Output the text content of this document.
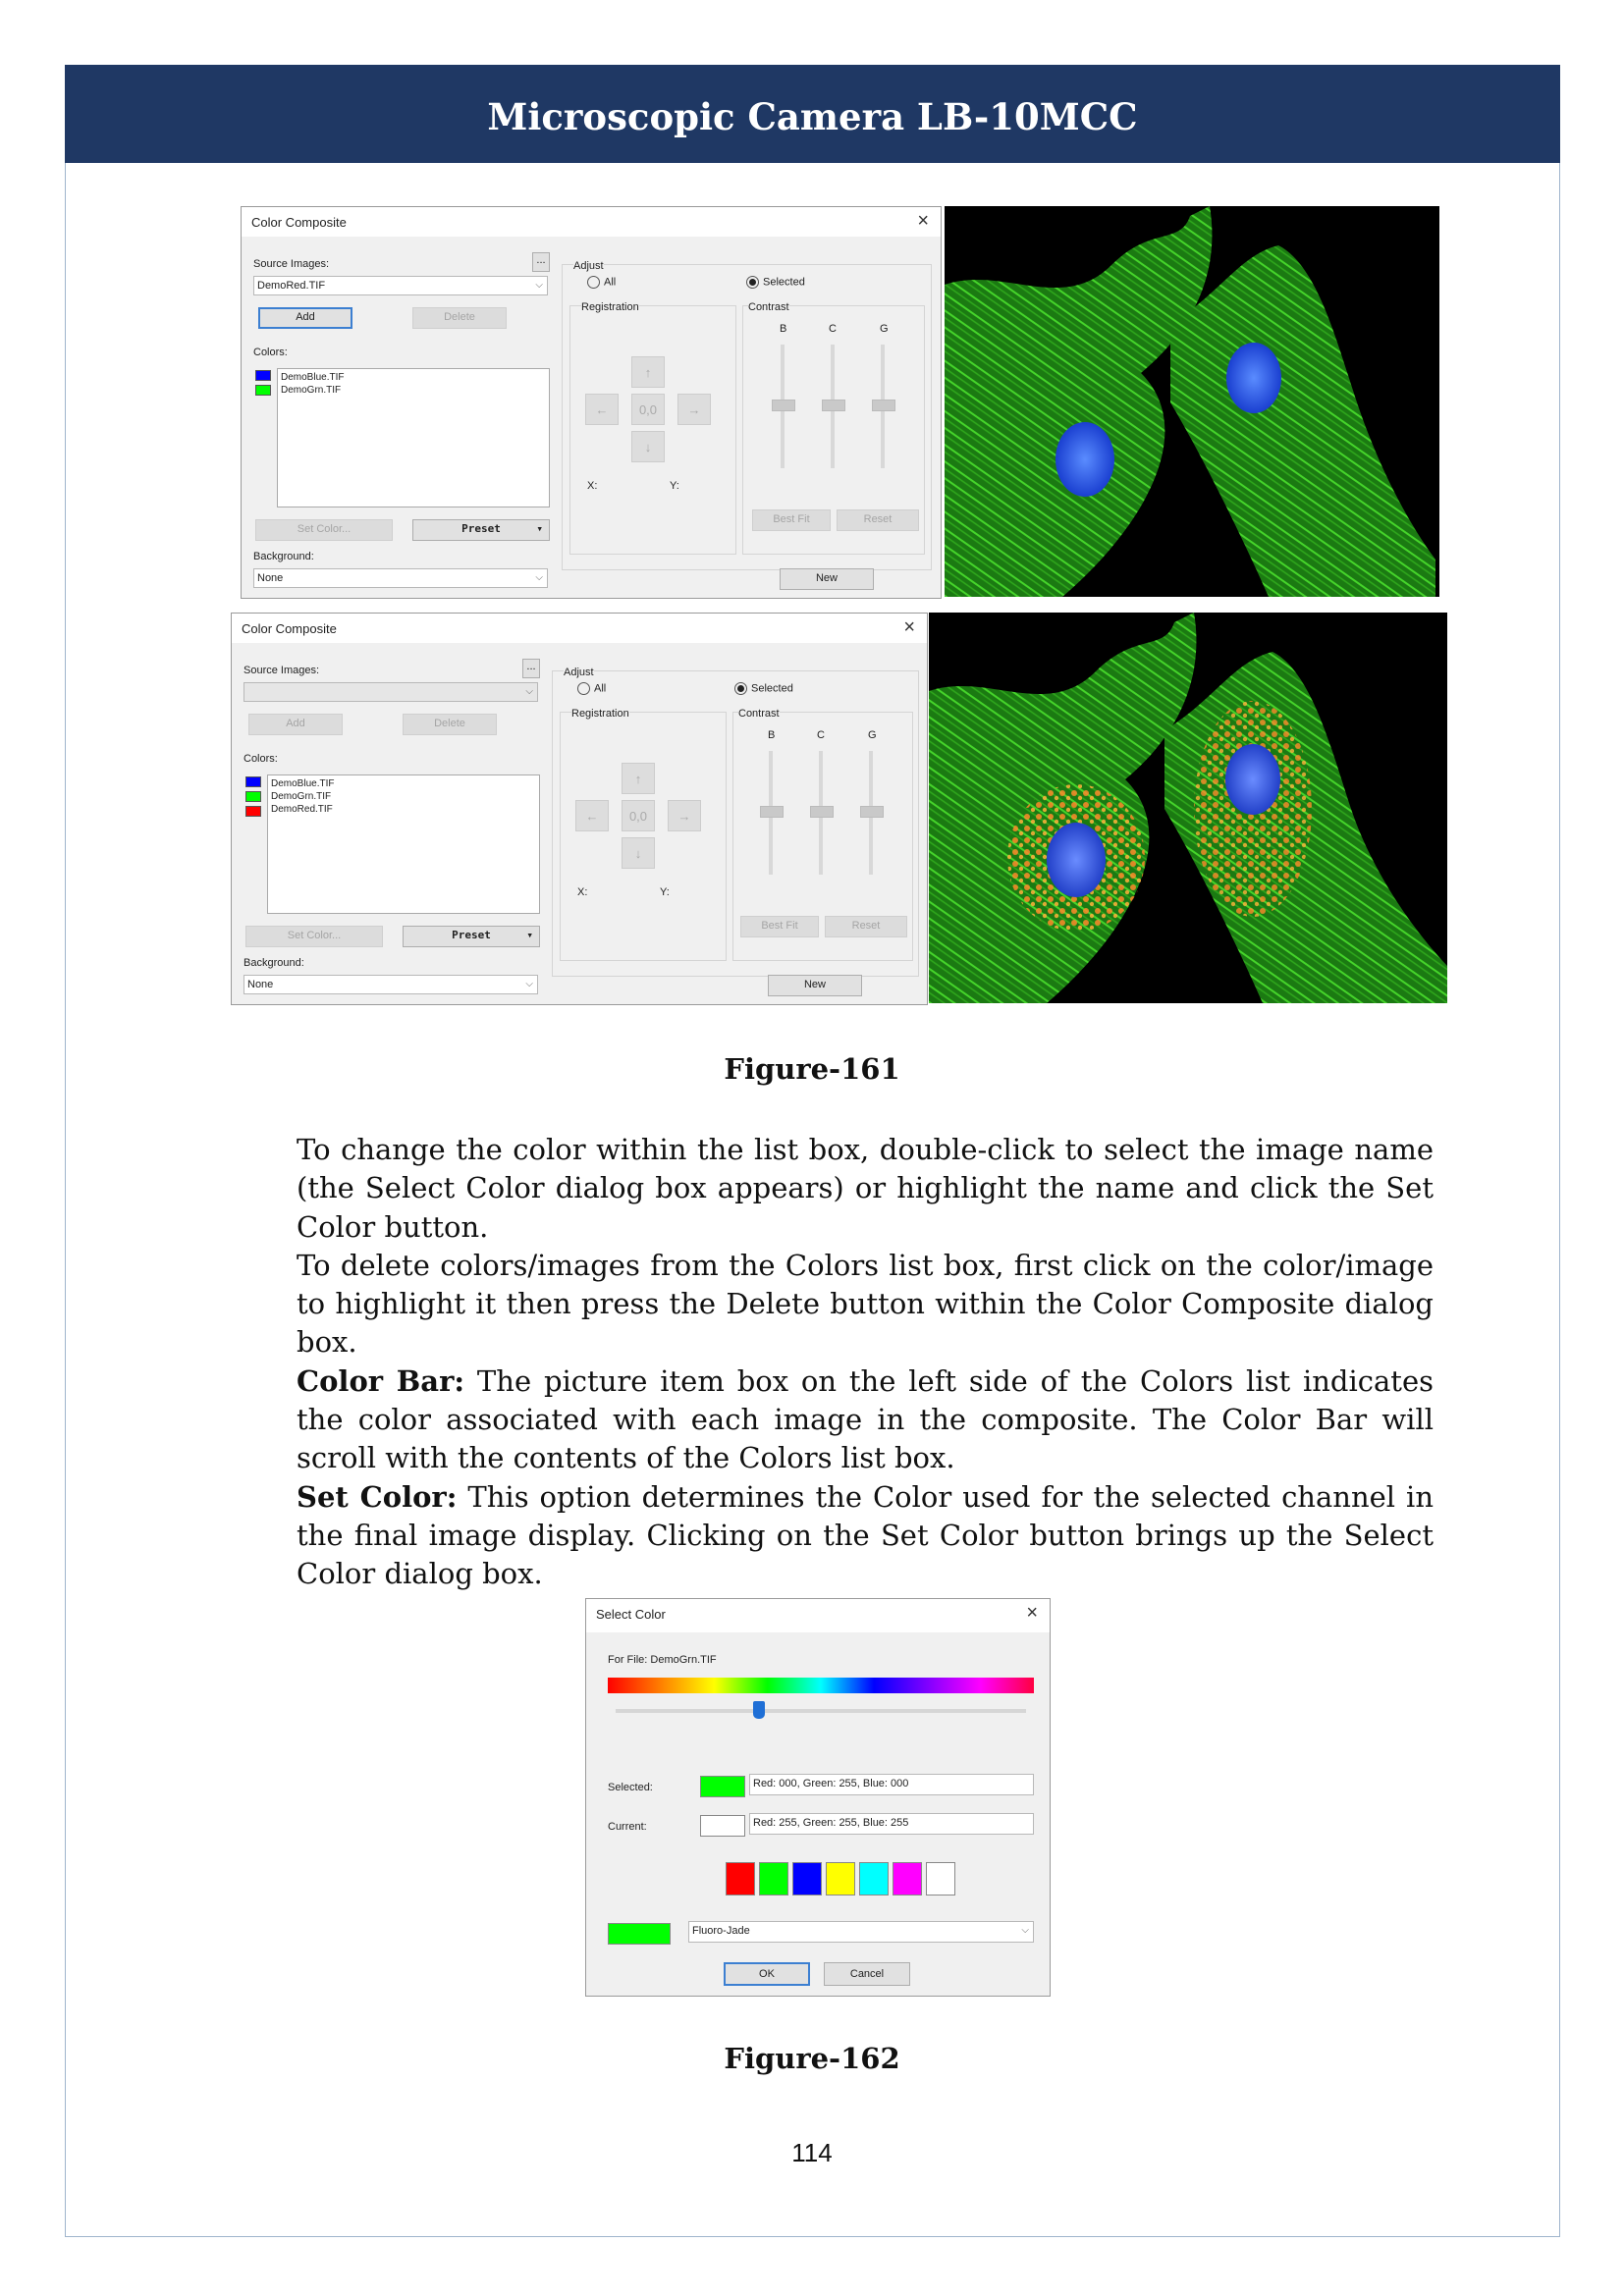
Microscopic Camera LB-10MCC
Color Composite	×
Source Images:	...
DemoRed.TIF	⌵
Add	Delete
Colors:
DemoBlue.TIF
DemoGrn.TIF
Set Color...	Preset	▾
Background:
None	⌵
Adjust
All	Selected
Registration
↑
←	0,0	→
↓
X:	Y:
Contrast
B	C	G
Best Fit	Reset
New
Color Composite	×
Source Images:	...
⌵
Add	Delete
Colors:
DemoBlue.TIF
DemoGrn.TIF
DemoRed.TIF
Set Color...	Preset	▾
Background:
None	⌵
Adjust
All	Selected
Registration
↑
←	0,0	→
↓
X:	Y:
Contrast
B	C	G
Best Fit	Reset
New
Figure-161

To change the color within the list box, double-click to select the image name (the Select Color dialog box appears) or highlight the name and click the Set Color button.

To delete colors/images from the Colors list box, first click on the color/image to highlight it then press the Delete button within the Color Composite dialog box.

Color Bar: The picture item box on the left side of the Colors list indicates the color associated with each image in the composite. The Color Bar will scroll with the contents of the Colors list box.

Set Color: This option determines the Color used for the selected channel in the final image display. Clicking on the Set Color button brings up the Select Color dialog box.

Select Color	×
For File: DemoGrn.TIF
Selected:	Red: 000, Green: 255, Blue: 000
Current:	Red: 255, Green: 255, Blue: 255
Fluoro-Jade	⌵
OK	Cancel
Figure-162
114
